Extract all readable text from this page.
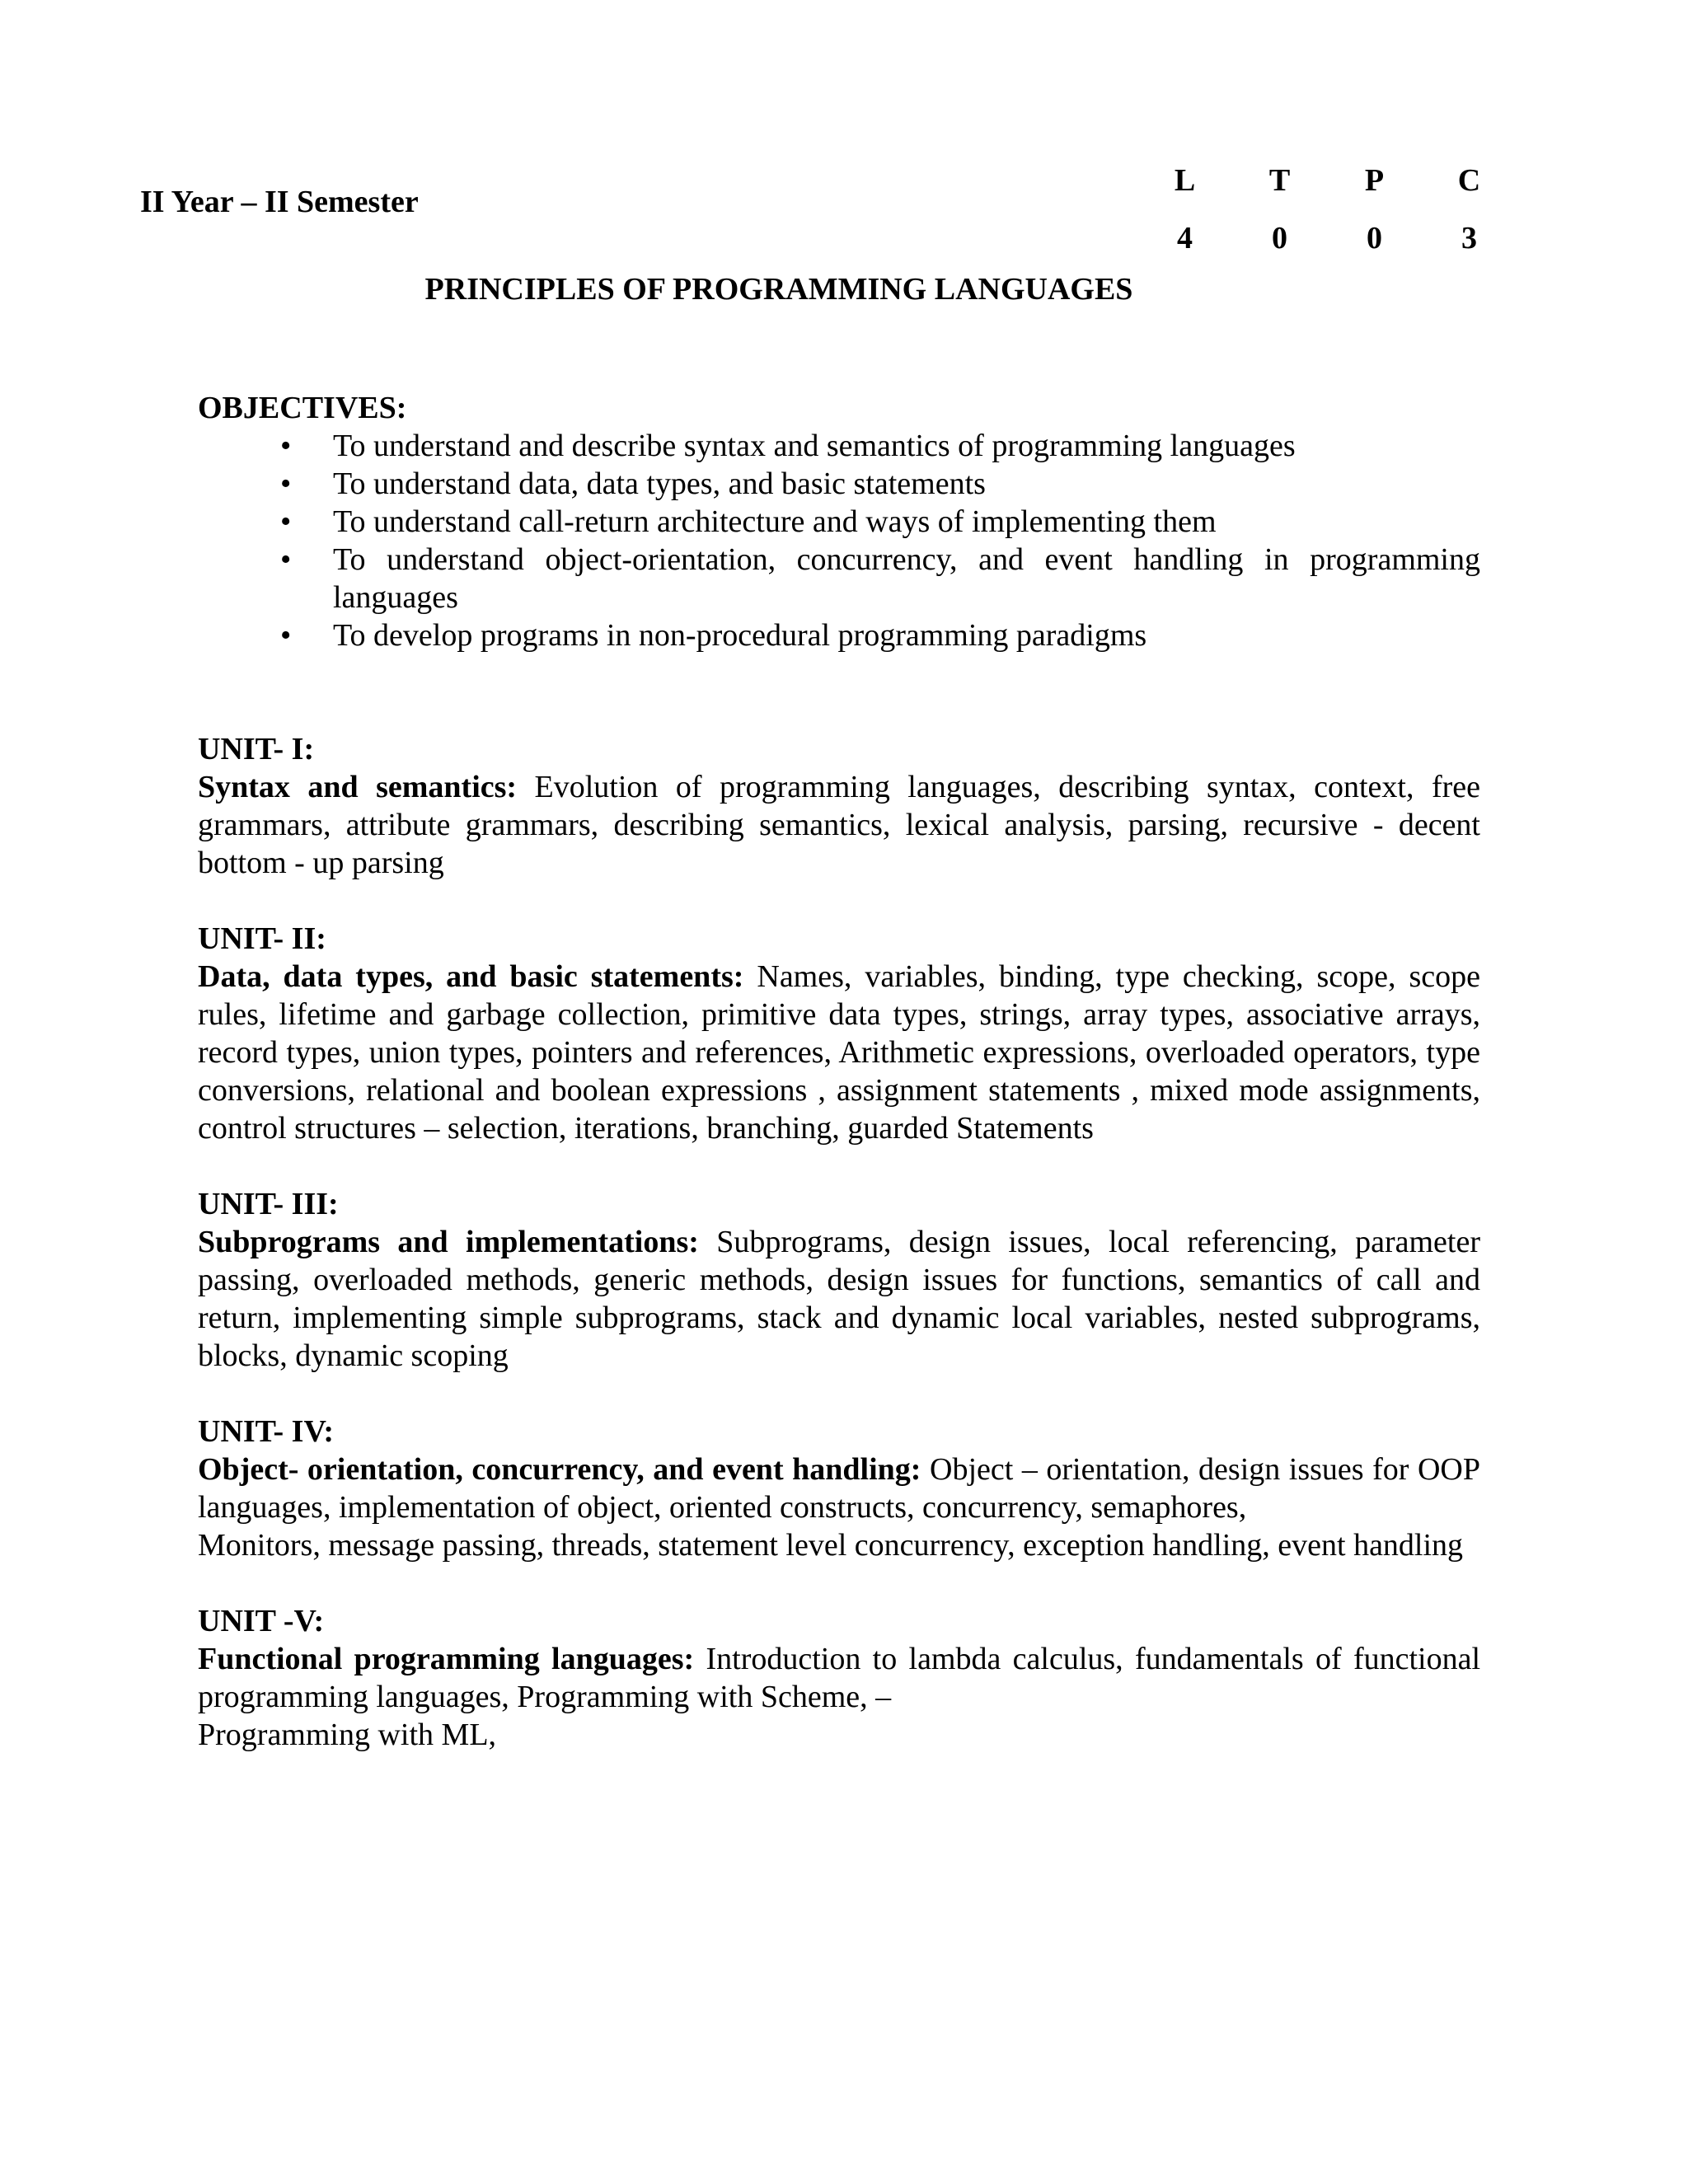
II Year – II Semester
L	T	P	C
4	0	0	3
PRINCIPLES OF PROGRAMMING LANGUAGES
OBJECTIVES:
• To understand and describe syntax and semantics of programming languages
• To understand data, data types, and basic statements
• To understand call-return architecture and ways of implementing them
• To understand object-orientation, concurrency, and event handling in programming languages
• To develop programs in non-procedural programming paradigms
UNIT- I:
Syntax and semantics: Evolution of programming languages, describing syntax, context, free grammars, attribute grammars, describing semantics, lexical analysis, parsing, recursive - decent bottom - up parsing
UNIT- II:
Data, data types, and basic statements: Names, variables, binding, type checking, scope, scope rules, lifetime and garbage collection, primitive data types, strings, array types, associative arrays, record types, union types, pointers and references, Arithmetic expressions, overloaded operators, type conversions, relational and boolean expressions , assignment statements , mixed mode assignments, control structures – selection, iterations, branching, guarded Statements
UNIT- III:
Subprograms and implementations: Subprograms, design issues, local referencing, parameter passing, overloaded methods, generic methods, design issues for functions, semantics of call and return, implementing simple subprograms, stack and dynamic local variables, nested subprograms, blocks, dynamic scoping
UNIT- IV:
Object- orientation, concurrency, and event handling: Object – orientation, design issues for OOP languages, implementation of object, oriented constructs, concurrency, semaphores,
Monitors, message passing, threads, statement level concurrency, exception handling, event handling
UNIT -V:
Functional programming languages: Introduction to lambda calculus, fundamentals of functional programming languages, Programming with Scheme, –
Programming with ML,
